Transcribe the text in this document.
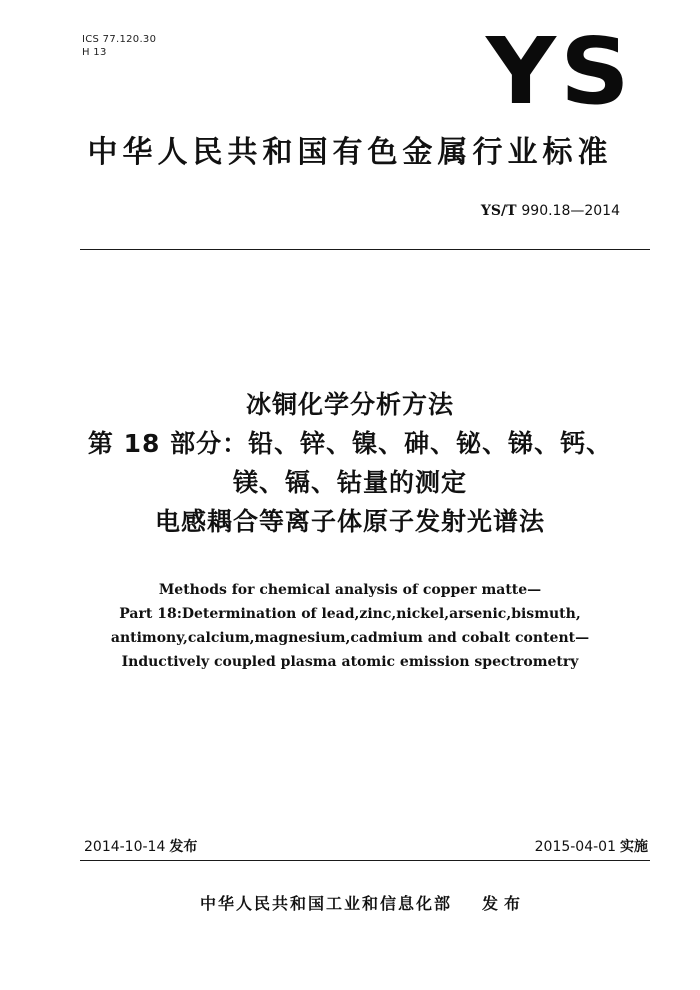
ICS 77.120.30
H 13	YS
中华人民共和国有色金属行业标准
YS/T 990.18—2014
冰铜化学分析方法
第 18 部分：铅、锌、镍、砷、铋、锑、钙、
镁、镉、钴量的测定
电感耦合等离子体原子发射光谱法
Methods for chemical analysis of copper matte—
Part 18:Determination of lead,zinc,nickel,arsenic,bismuth,
antimony,calcium,magnesium,cadmium and cobalt content—
Inductively coupled plasma atomic emission spectrometry
2014-10-14 发布	2015-04-01 实施
中华人民共和国工业和信息化部 发布
